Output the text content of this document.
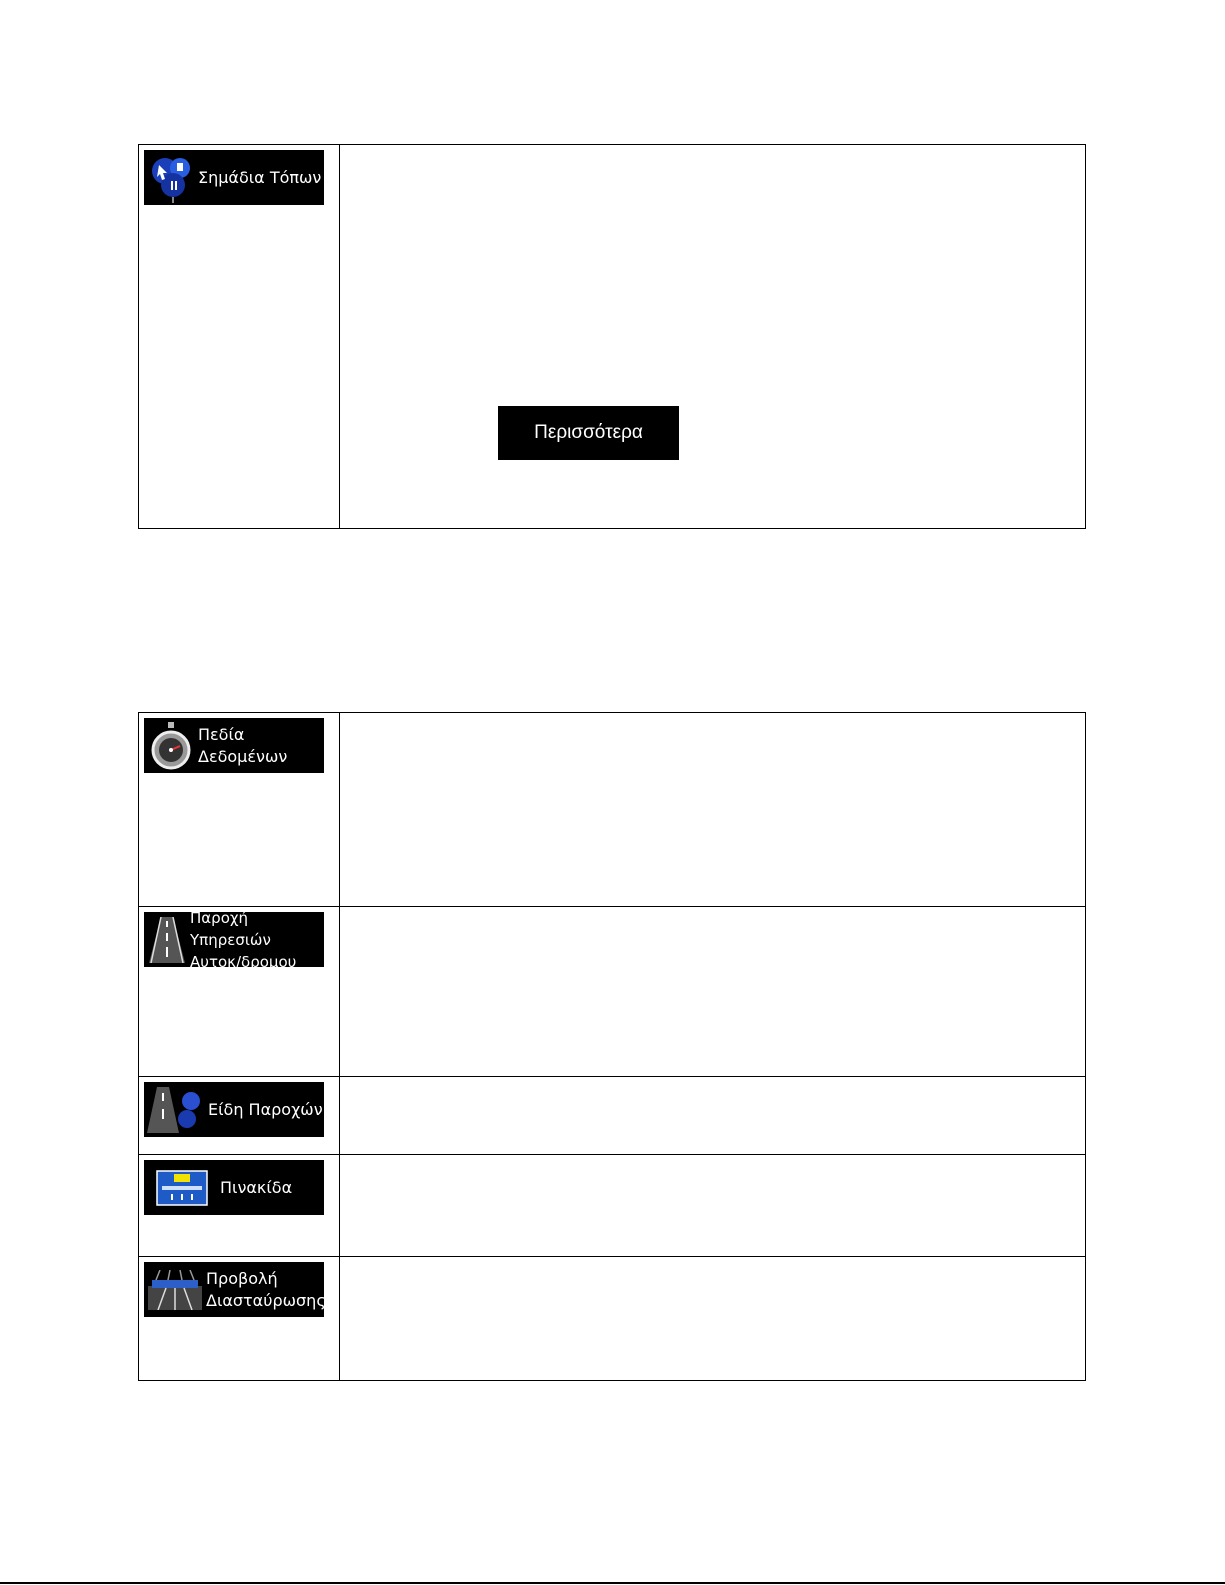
Σημάδια Τόπων

Περισσότερα
Πεδία
Δεδομένων	

Παροχή Υπηρεσιών
Αυτοκ/δρομου	

Είδη Παροχών	

Πινακίδα	

Προβολή
Διασταύρωσης	
